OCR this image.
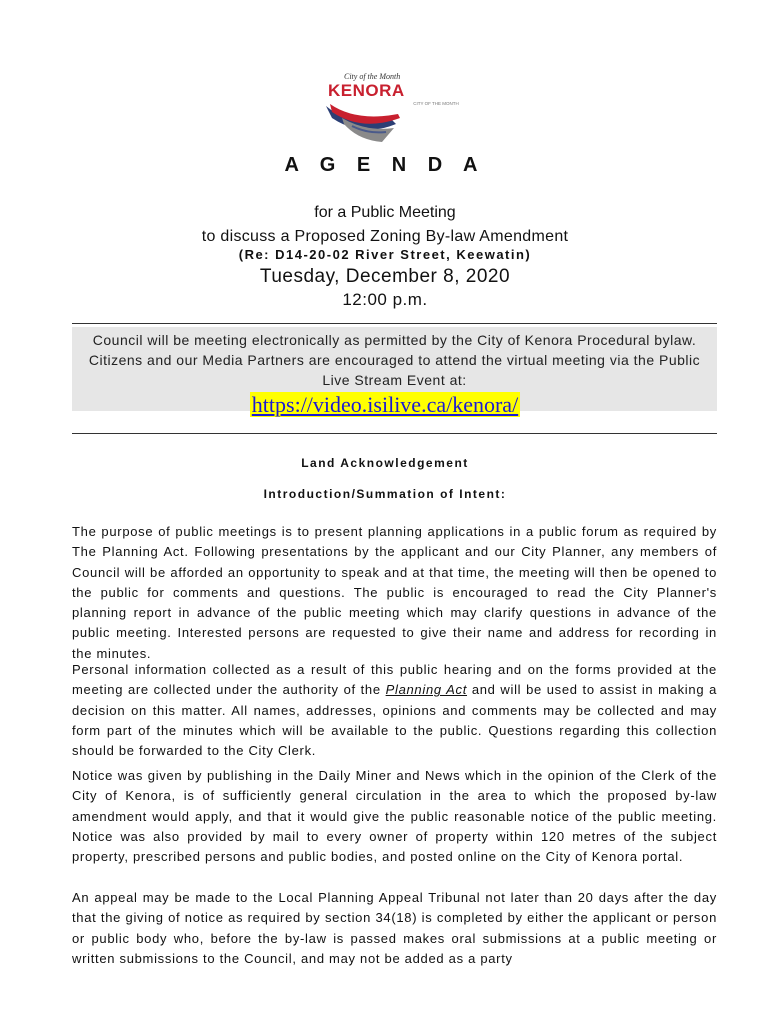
City of the Month
KENORA
CITY OF THE MONTH
A G E N D A
for a Public Meeting
to discuss a Proposed Zoning By-law Amendment
(Re: D14-20-02 River Street, Keewatin)
Tuesday, December 8, 2020
12:00 p.m.

Council will be meeting electronically as permitted by the City of Kenora Procedural bylaw. Citizens and our Media Partners are encouraged to attend the virtual meeting via the Public Live Stream Event at:

https://video.isilive.ca/kenora/
Land Acknowledgement
Introduction/Summation of Intent:

The purpose of public meetings is to present planning applications in a public forum as required by The Planning Act. Following presentations by the applicant and our City Planner, any members of Council will be afforded an opportunity to speak and at that time, the meeting will then be opened to the public for comments and questions. The public is encouraged to read the City Planner's planning report in advance of the public meeting which may clarify questions in advance of the public meeting. Interested persons are requested to give their name and address for recording in the minutes.

Personal information collected as a result of this public hearing and on the forms provided at the meeting are collected under the authority of the Planning Act and will be used to assist in making a decision on this matter. All names, addresses, opinions and comments may be collected and may form part of the minutes which will be available to the public. Questions regarding this collection should be forwarded to the City Clerk.

Notice was given by publishing in the Daily Miner and News which in the opinion of the Clerk of the City of Kenora, is of sufficiently general circulation in the area to which the proposed by-law amendment would apply, and that it would give the public reasonable notice of the public meeting. Notice was also provided by mail to every owner of property within 120 metres of the subject property, prescribed persons and public bodies, and posted online on the City of Kenora portal.

An appeal may be made to the Local Planning Appeal Tribunal not later than 20 days after the day that the giving of notice as required by section 34(18) is completed by either the applicant or person or public body who, before the by-law is passed makes oral submissions at a public meeting or written submissions to the Council, and may not be added as a party
